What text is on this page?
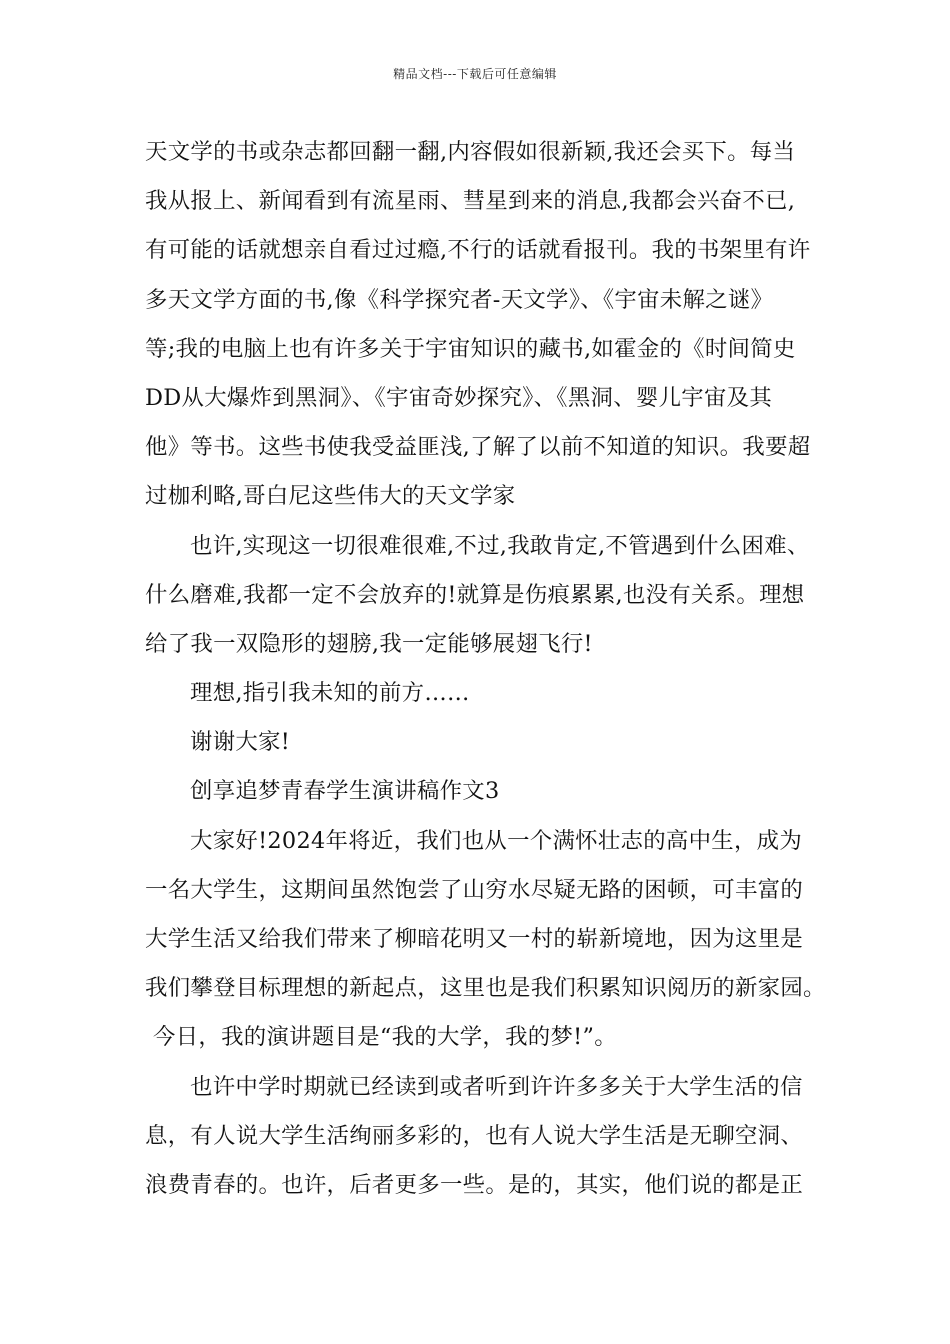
精品文档---下载后可任意编辑
天文学的书或杂志都回翻一翻,内容假如很新颖,我还会买下。每当
我从报上、新闻看到有流星雨、彗星到来的消息,我都会兴奋不已,
有可能的话就想亲自看过过瘾,不行的话就看报刊。我的书架里有许
多天文学方面的书,像《科学探究者-天文学》、《宇宙未解之谜》
等;我的电脑上也有许多关于宇宙知识的藏书,如霍金的《时间简史
DD从大爆炸到黑洞》、《宇宙奇妙探究》、《黑洞、婴儿宇宙及其
他》等书。这些书使我受益匪浅,了解了以前不知道的知识。我要超
过枷利略,哥白尼这些伟大的天文学家
也许,实现这一切很难很难,不过,我敢肯定,不管遇到什么困难、
什么磨难,我都一定不会放弃的!就算是伤痕累累,也没有关系。理想
给了我一双隐形的翅膀,我一定能够展翅飞行!
理想,指引我未知的前方……
谢谢大家!
创享追梦青春学生演讲稿作文3
大家好!2024年将近，我们也从一个满怀壮志的高中生，成为
一名大学生，这期间虽然饱尝了山穷水尽疑无路的困顿，可丰富的
大学生活又给我们带来了柳暗花明又一村的崭新境地，因为这里是
我们攀登目标理想的新起点，这里也是我们积累知识阅历的新家园。
今日，我的演讲题目是“我的大学，我的梦!”。
也许中学时期就已经读到或者听到许许多多关于大学生活的信
息，有人说大学生活绚丽多彩的，也有人说大学生活是无聊空洞、
浪费青春的。也许，后者更多一些。是的，其实，他们说的都是正
